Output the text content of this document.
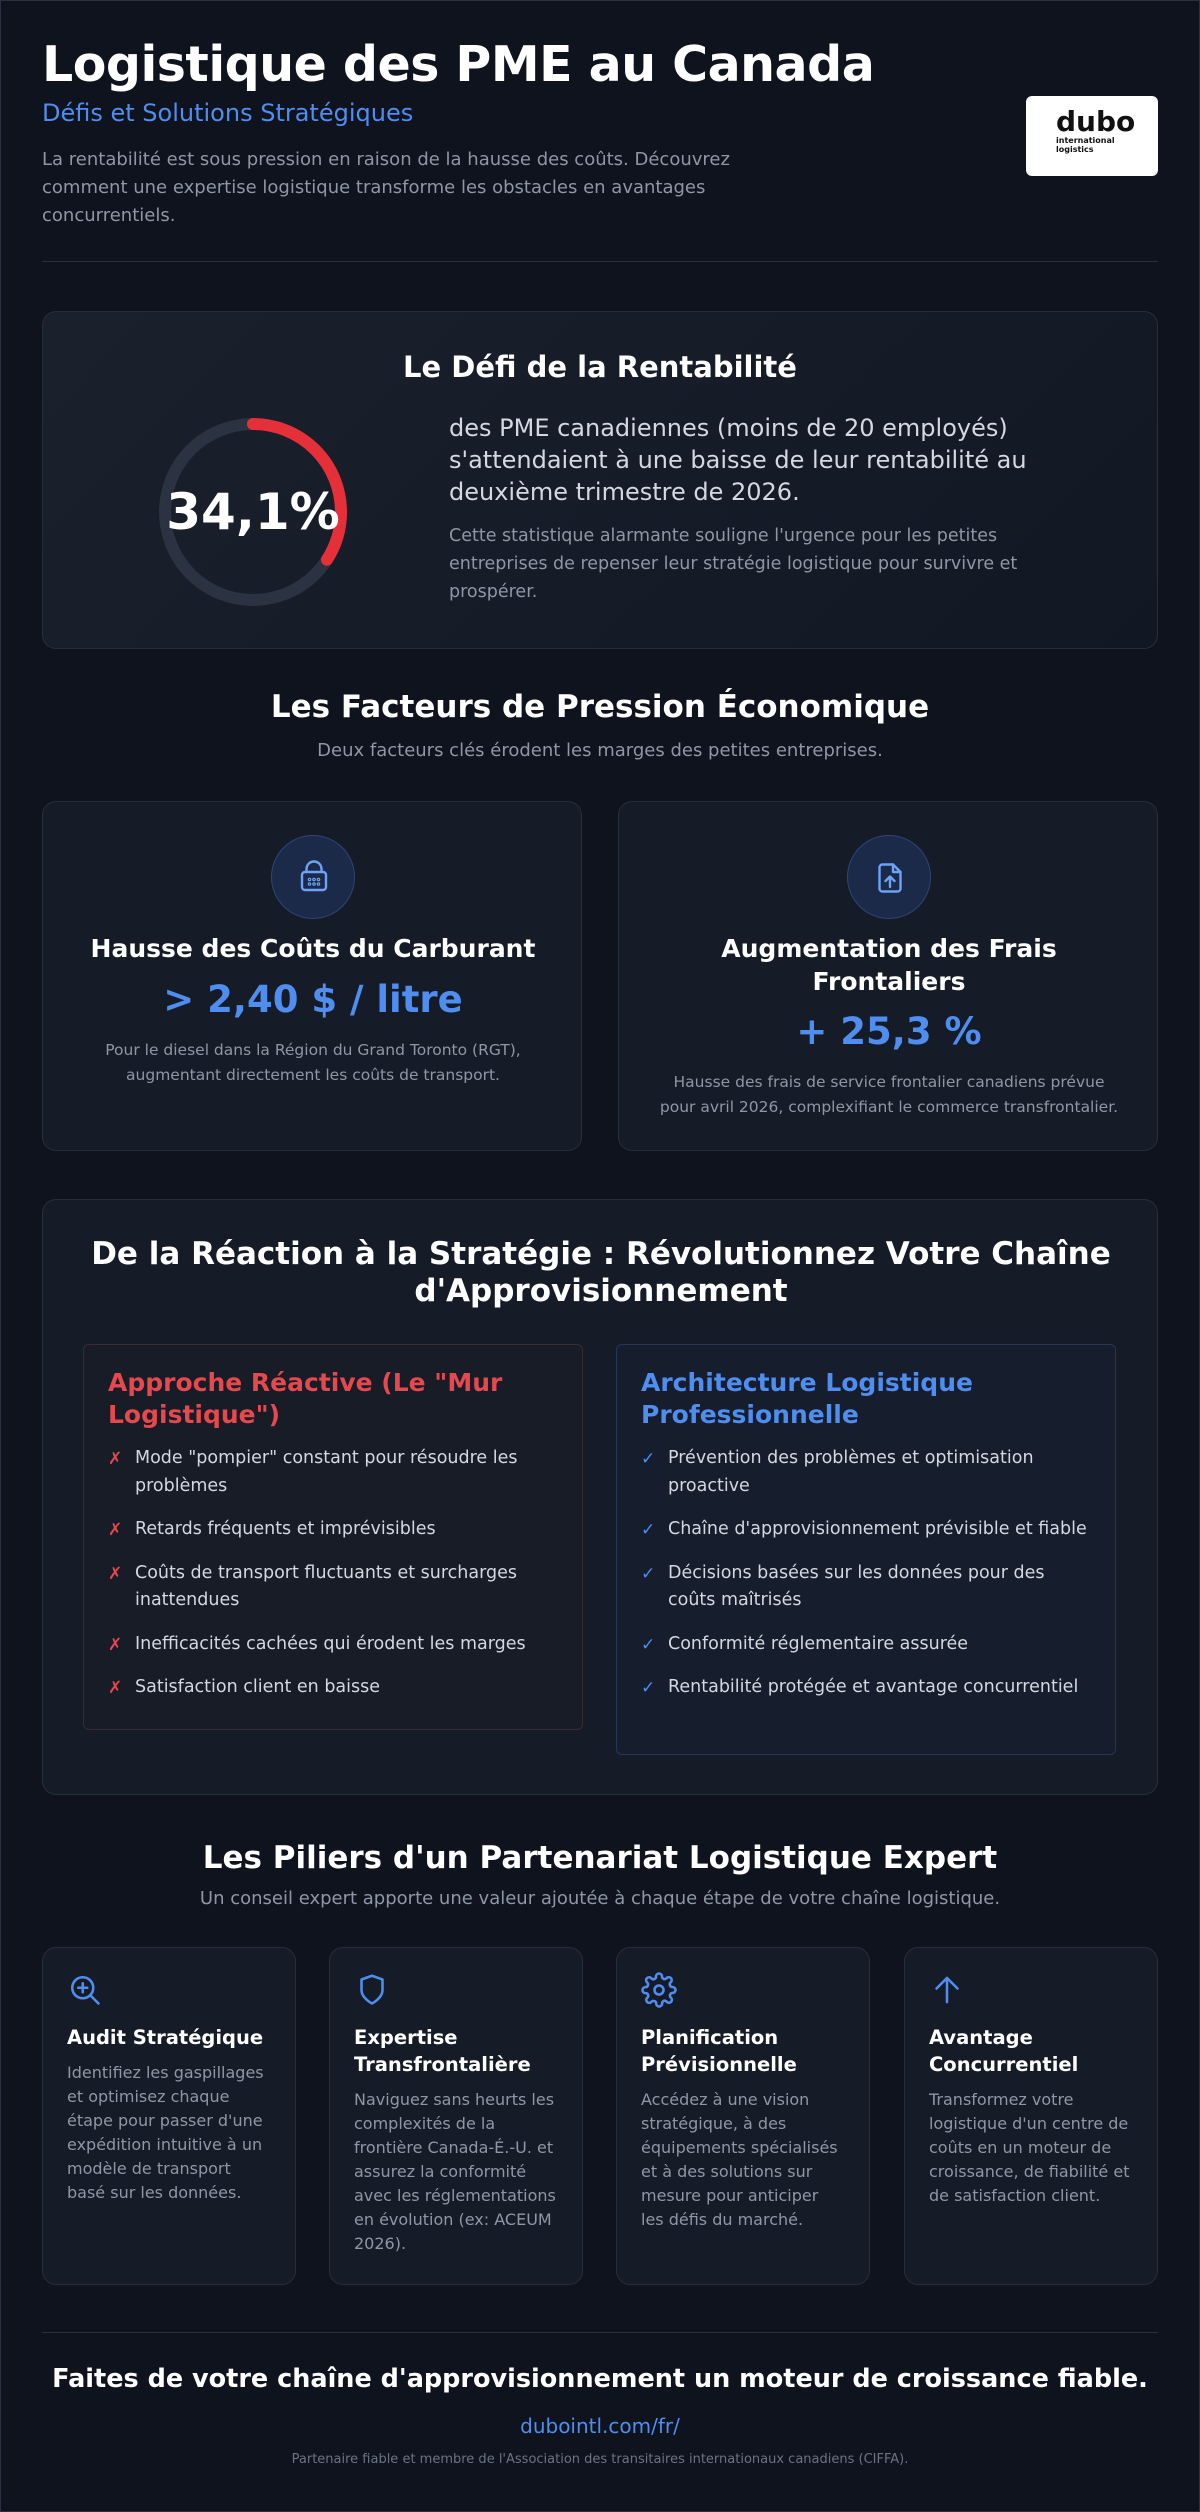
Logistique des PME au Canada
Défis et Solutions Stratégiques

La rentabilité est sous pression en raison de la hausse des coûts. Découvrez comment une expertise logistique transforme les obstacles en avantages concurrentiels.

dubo
international
logistics
Le Défi de la Rentabilité
34,1%

des PME canadiennes (moins de 20 employés) s'attendaient à une baisse de leur rentabilité au deuxième trimestre de 2026.

Cette statistique alarmante souligne l'urgence pour les petites entreprises de repenser leur stratégie logistique pour survivre et prospérer.

Les Facteurs de Pression Économique

Deux facteurs clés érodent les marges des petites entreprises.

Hausse des Coûts du Carburant
> 2,40 $ / litre

Pour le diesel dans la Région du Grand Toronto (RGT), augmentant directement les coûts de transport.

Augmentation des Frais Frontaliers
+ 25,3 %

Hausse des frais de service frontalier canadiens prévue pour avril 2026, complexifiant le commerce transfrontalier.

De la Réaction à la Stratégie : Révolutionnez Votre Chaîne d'Approvisionnement
Approche Réactive (Le "Mur Logistique")
✗ Mode "pompier" constant pour résoudre les problèmes
✗ Retards fréquents et imprévisibles
✗ Coûts de transport fluctuants et surcharges inattendues
✗ Inefficacités cachées qui érodent les marges
✗ Satisfaction client en baisse
Architecture Logistique Professionnelle
✓ Prévention des problèmes et optimisation proactive
✓ Chaîne d'approvisionnement prévisible et fiable
✓ Décisions basées sur les données pour des coûts maîtrisés
✓ Conformité réglementaire assurée
✓ Rentabilité protégée et avantage concurrentiel
Les Piliers d'un Partenariat Logistique Expert

Un conseil expert apporte une valeur ajoutée à chaque étape de votre chaîne logistique.

Audit Stratégique

Identifiez les gaspillages et optimisez chaque étape pour passer d'une expédition intuitive à un modèle de transport basé sur les données.

Expertise Transfrontalière

Naviguez sans heurts les complexités de la frontière Canada-É.-U. et assurez la conformité avec les réglementations en évolution (ex: ACEUM 2026).

Planification Prévisionnelle

Accédez à une vision stratégique, à des équipements spécialisés et à des solutions sur mesure pour anticiper les défis du marché.

Avantage Concurrentiel

Transformez votre logistique d'un centre de coûts en un moteur de croissance, de fiabilité et de satisfaction client.

Faites de votre chaîne d'approvisionnement un moteur de croissance fiable.
dubointl.com/fr/

Partenaire fiable et membre de l'Association des transitaires internationaux canadiens (CIFFA).
